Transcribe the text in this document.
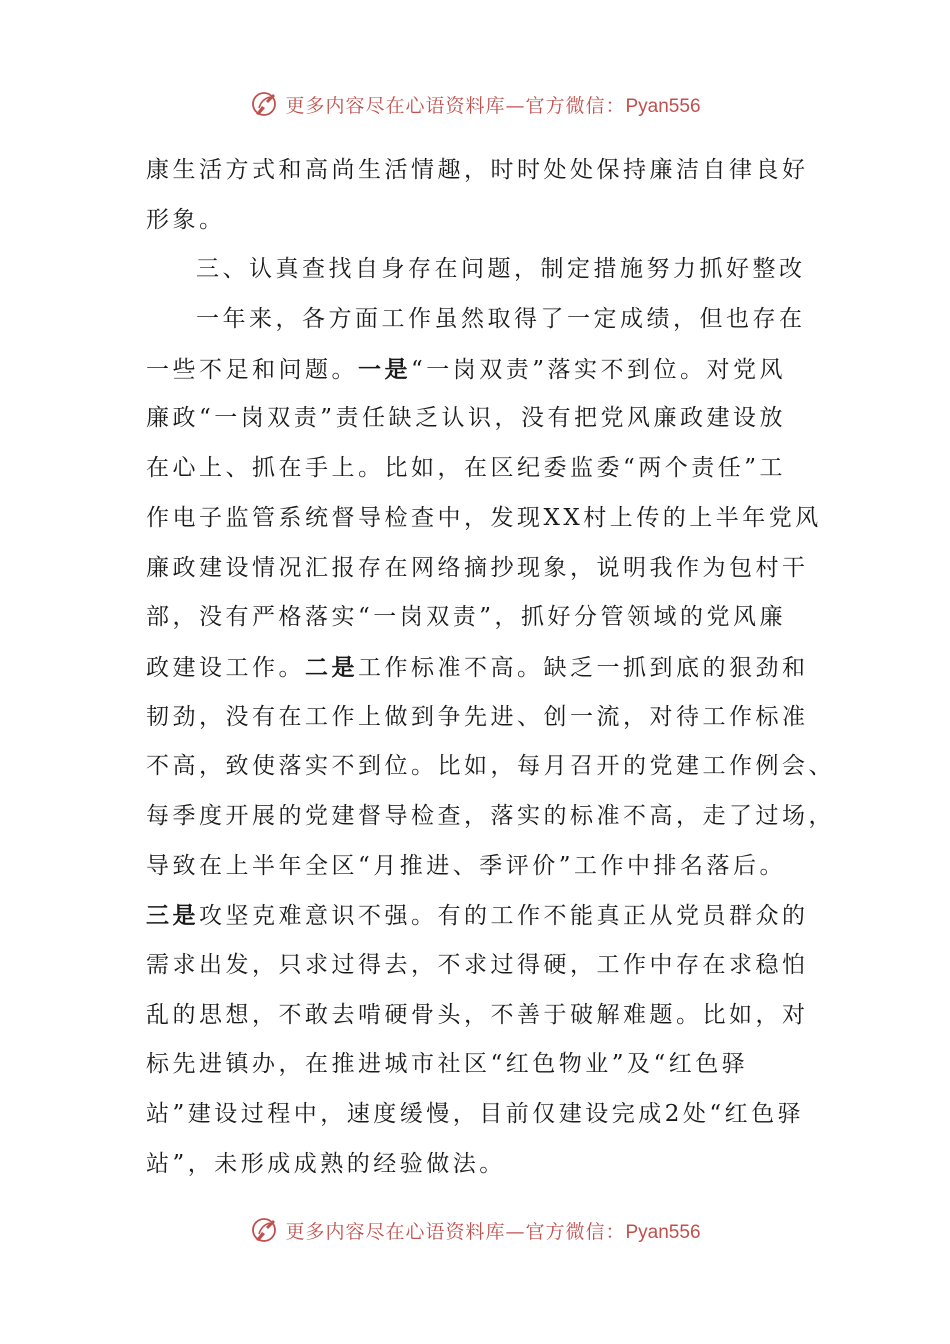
更多内容尽在心语资料库—官方微信：Pyan556
康生活方式和高尚生活情趣，时时处处保持廉洁自律良好
形象。
三、认真查找自身存在问题，制定措施努力抓好整改
一年来，各方面工作虽然取得了一定成绩，但也存在
一些不足和问题。一是“一岗双责”落实不到位。对党风
廉政“一岗双责”责任缺乏认识，没有把党风廉政建设放
在心上、抓在手上。比如，在区纪委监委“两个责任”工
作电子监管系统督导检查中，发现XX村上传的上半年党风
廉政建设情况汇报存在网络摘抄现象，说明我作为包村干
部，没有严格落实“一岗双责”，抓好分管领域的党风廉
政建设工作。二是工作标准不高。缺乏一抓到底的狠劲和
韧劲，没有在工作上做到争先进、创一流，对待工作标准
不高，致使落实不到位。比如，每月召开的党建工作例会、
每季度开展的党建督导检查，落实的标准不高，走了过场，
导致在上半年全区“月推进、季评价”工作中排名落后。
三是攻坚克难意识不强。有的工作不能真正从党员群众的
需求出发，只求过得去，不求过得硬，工作中存在求稳怕
乱的思想，不敢去啃硬骨头，不善于破解难题。比如，对
标先进镇办，在推进城市社区“红色物业”及“红色驿
站”建设过程中，速度缓慢，目前仅建设完成2处“红色驿
站”，未形成成熟的经验做法。
更多内容尽在心语资料库—官方微信：Pyan556
